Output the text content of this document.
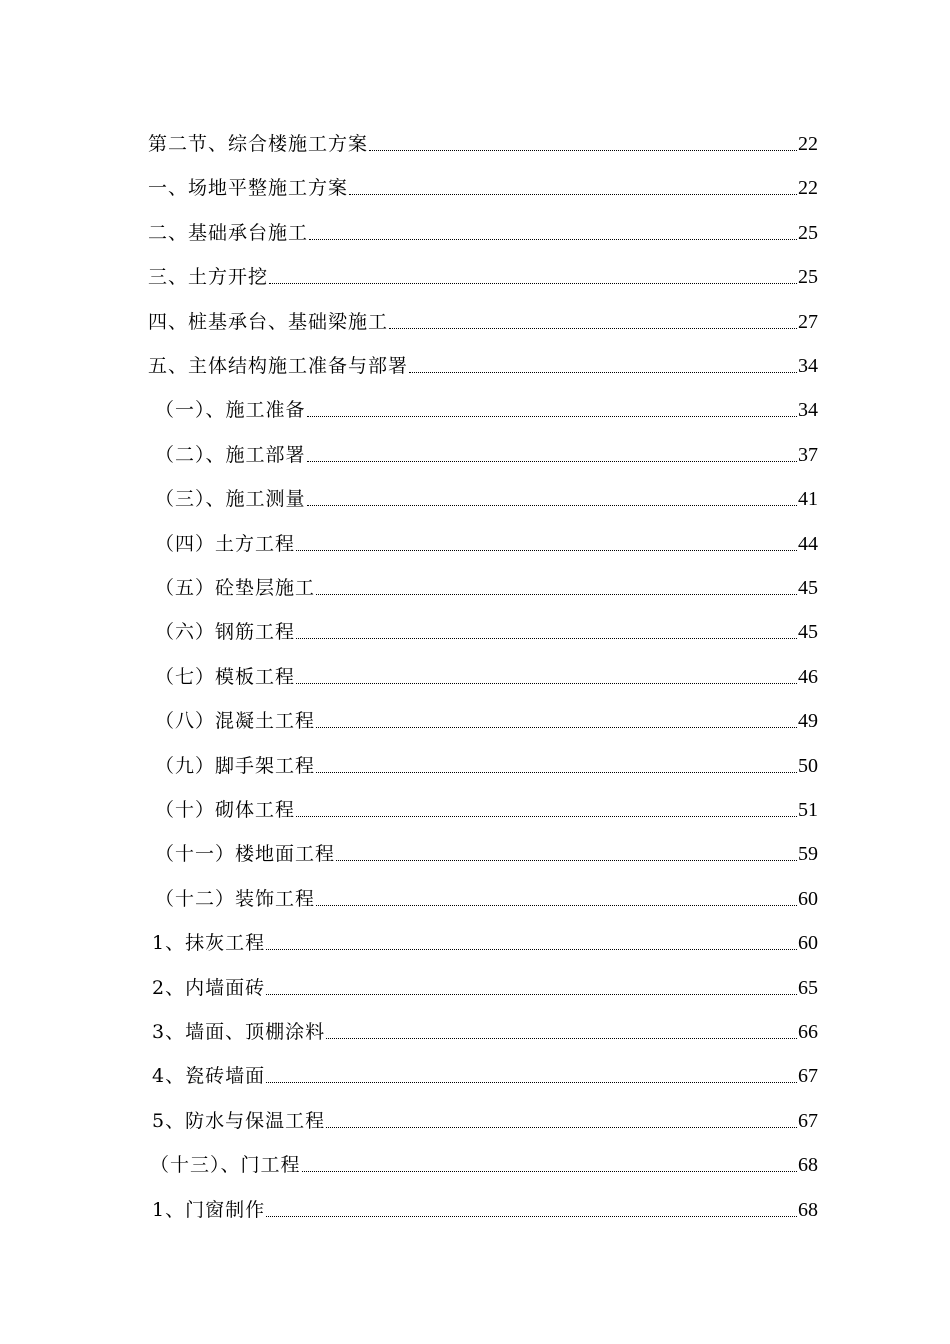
第二节、综合楼施工方案	22
一、场地平整施工方案	22
二、基础承台施工	25
三、土方开挖	25
四、桩基承台、基础梁施工	27
五、主体结构施工准备与部署	34
（一）、施工准备	34
（二）、施工部署	37
（三）、施工测量	41
（四）土方工程	44
（五）砼垫层施工	45
（六）钢筋工程	45
（七）模板工程	46
（八）混凝土工程	49
（九）脚手架工程	50
（十）砌体工程	51
（十一）楼地面工程	59
（十二）装饰工程	60
1、抹灰工程	60
2、内墙面砖	65
3、墙面、顶棚涂料	66
4、瓷砖墙面	67
5、防水与保温工程	67
（十三）、门工程	68
1、门窗制作	68
